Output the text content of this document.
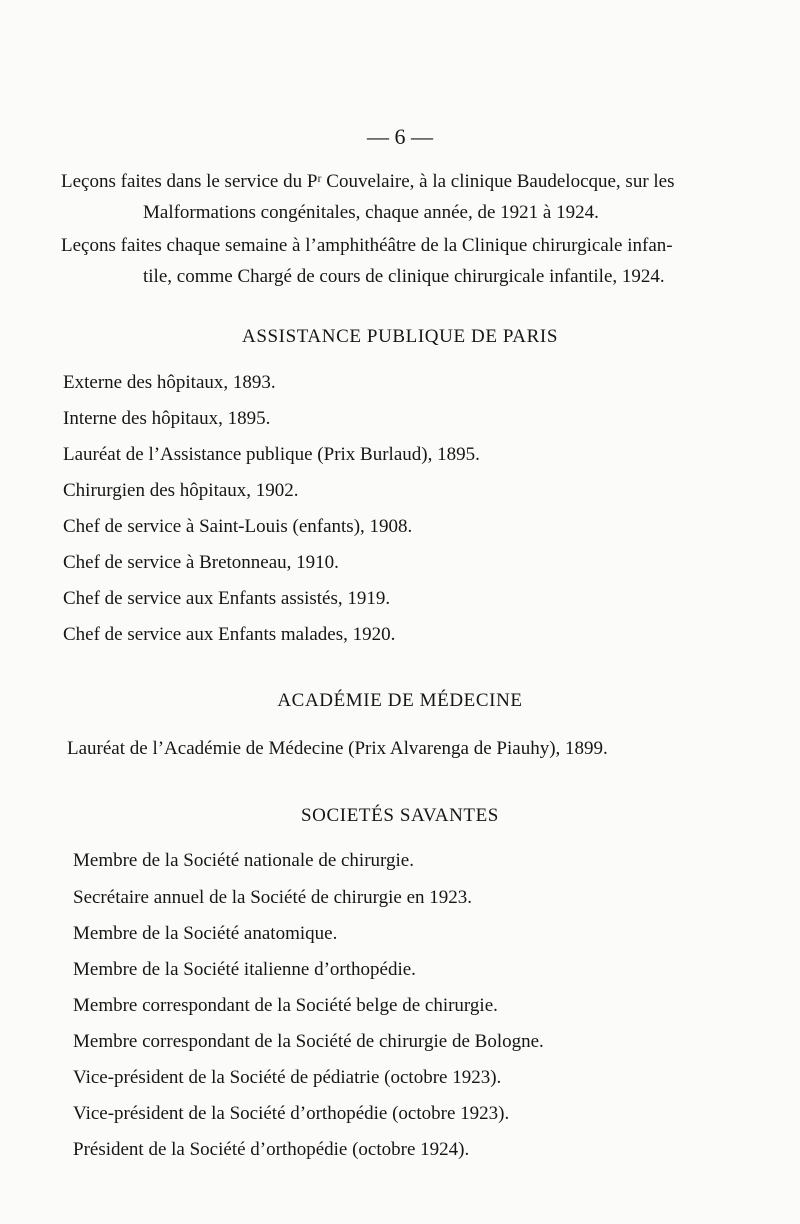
— 6 —
Leçons faites dans le service du Pʳ Couvelaire, à la clinique Baudelocque, sur les
Malformations congénitales, chaque année, de 1921 à 1924.
Leçons faites chaque semaine à l’amphithéâtre de la Clinique chirurgicale infan-
tile, comme Chargé de cours de clinique chirurgicale infantile, 1924.
ASSISTANCE PUBLIQUE DE PARIS
Externe des hôpitaux, 1893.
Interne des hôpitaux, 1895.
Lauréat de l’Assistance publique (Prix Burlaud), 1895.
Chirurgien des hôpitaux, 1902.
Chef de service à Saint-Louis (enfants), 1908.
Chef de service à Bretonneau, 1910.
Chef de service aux Enfants assistés, 1919.
Chef de service aux Enfants malades, 1920.
ACADÉMIE DE MÉDECINE
Lauréat de l’Académie de Médecine (Prix Alvarenga de Piauhy), 1899.
SOCIETÉS SAVANTES
Membre de la Société nationale de chirurgie.
Secrétaire annuel de la Société de chirurgie en 1923.
Membre de la Société anatomique.
Membre de la Société italienne d’orthopédie.
Membre correspondant de la Société belge de chirurgie.
Membre correspondant de la Société de chirurgie de Bologne.
Vice-président de la Société de pédiatrie (octobre 1923).
Vice-président de la Société d’orthopédie (octobre 1923).
Président de la Société d’orthopédie (octobre 1924).
